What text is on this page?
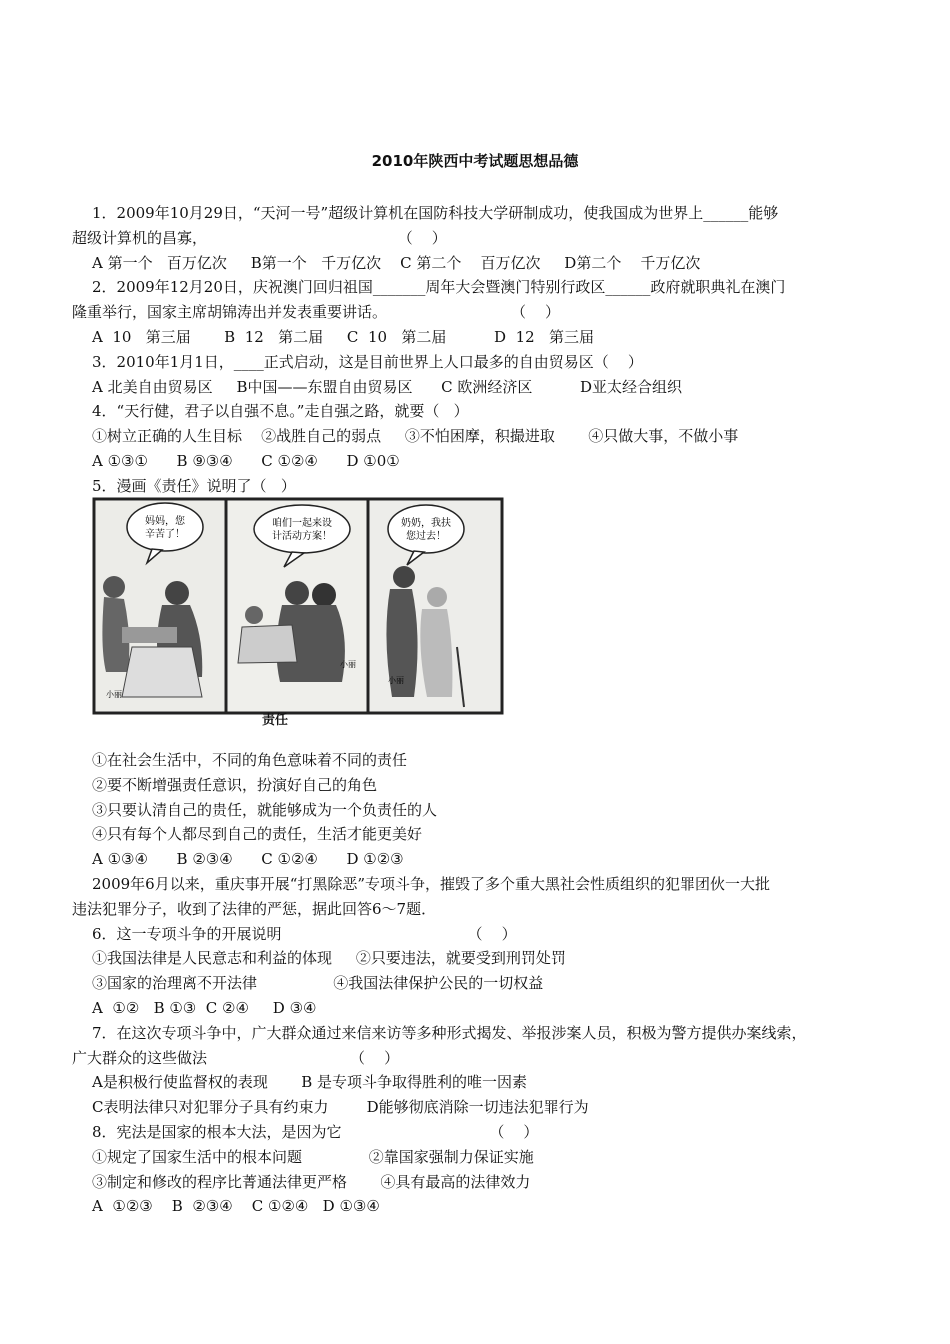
2010年陕西中考试题思想品德
1．2009年10月29日，“天河一号”超级计算机在国防科技大学研制成功，使我国成为世界上______能够
超级计算机的昌寡，                                        （    ）
A 第一个   百万亿次     B第一个   千万亿次    C 第二个    百万亿次     D第二个    千万亿次
2．2009年12月20日，庆祝澳门回归祖国_______周年大会暨澳门特别行政区______政府就职典礼在澳门
隆重举行，国家主席胡锦涛出并发表重要讲话。                          （    ）
A  10   第三届       B  12   第二届     C  10   第二届          D  12   第三届
3．2010年1月1日，____正式启动，这是目前世界上人口最多的自由贸易区（    ）
A 北美自由贸易区     B中国——东盟自由贸易区      C 欧洲经济区          D亚太经合组织
4．“天行健，君子以自强不息。”走自强之路，就要（   ）
①树立正确的人生目标    ②战胜自己的弱点     ③不怕困摩，积撮进取       ④只做大事，不做小事
A ①③①      B ⑨③④      C ①②④      D ①0①
5．漫画《责任》说明了（   ）
妈妈，您
辛苦了！
小丽
咱们一起来设
计活动方案！
小丽
奶奶，我扶
您过去！
小丽
责任
①在社会生活中，不同的角色意味着不同的责任
②要不断增强责任意识，扮演好自己的角色
③只要认清自己的贵任，就能够成为一个负责任的人
④只有每个人都尽到自己的责任，生活才能更美好
A ①③④      B ②③④      C ①②④      D ①②③
2009年6月以来，重庆事开展“打黑除恶”专项斗争，摧毁了多个重大黑社会性质组织的犯罪团伙一大批
违法犯罪分子，收到了法律的严惩，据此回答6～7题．
6．这一专项斗争的开展说明                                       （    ）
①我国法律是人民意志和利益的体现     ②只要违法，就要受到刑罚处罚
③国家的治理离不开法律                ④我国法律保护公民的一切权益
A  ①②   B ①③  C ②④     D ③④
7．在这次专项斗争中，广大群众通过来信来访等多种形式揭发、举报涉案人员，积极为警方提供办案线索，
广大群众的这些做法                              （    ）
A是积极行使监督权的表现       B 是专项斗争取得胜利的唯一因素
C表明法律只对犯罪分子具有约束力        D能够彻底消除一切违法犯罪行为
8．宪法是国家的根本大法，是因为它                               （    ）
①规定了国家生活中的根本问题              ②靠国家强制力保证实施
③制定和修改的程序比菁通法律更严格       ④具有最高的法律效力
A  ①②③    B  ②③④    C ①②④   D ①③④
